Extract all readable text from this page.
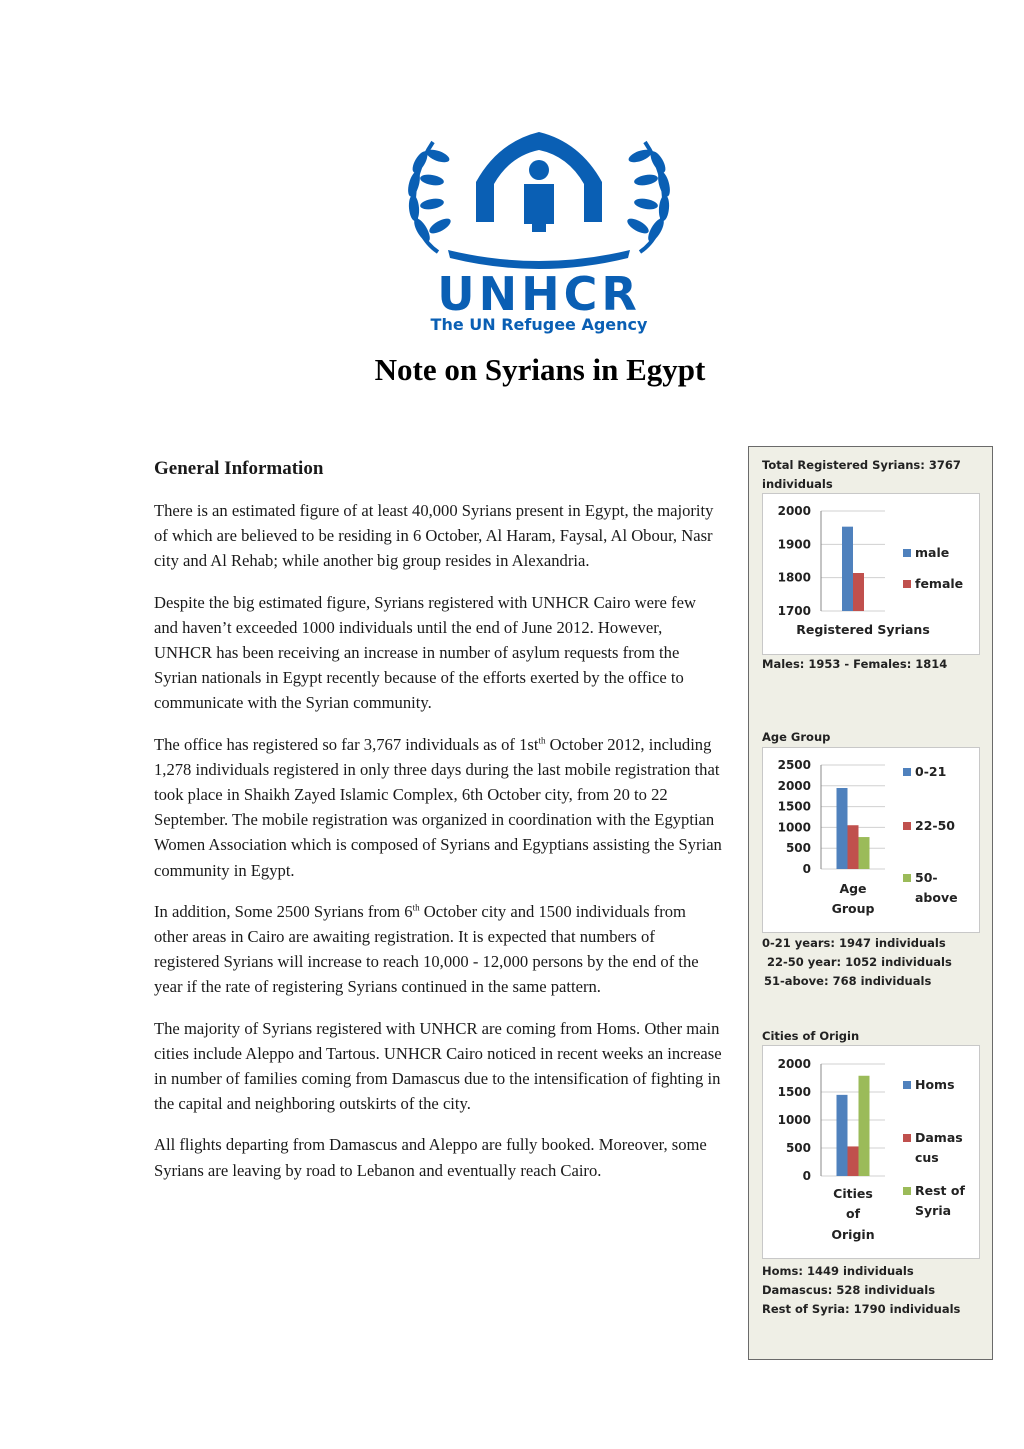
UNHCR
The UN Refugee Agency
Note on Syrians in Egypt
General Information

There is an estimated figure of at least 40,000 Syrians present in Egypt, the majority of which are believed to be residing in 6 October, Al Haram, Faysal, Al Obour, Nasr city and Al Rehab; while another big group resides in Alexandria.

Despite the big estimated figure, Syrians registered with UNHCR Cairo were few and haven’t exceeded 1000 individuals until the end of June 2012. However, UNHCR has been receiving an increase in number of asylum requests from the Syrian nationals in Egypt recently because of the efforts exerted by the office to communicate with the Syrian community.

The office has registered so far 3,767 individuals as of $1st^{th}$ October 2012, including 1,278 individuals registered in only three days during the last mobile registration that took place in Shaikh Zayed Islamic Complex, 6th October city, from 20 to 22 September. The mobile registration was organized in coordination with the Egyptian Women Association which is composed of Syrians and Egyptians assisting the Syrian community in Egypt.

In addition, Some 2500 Syrians from 6th October city and 1500 individuals from other areas in Cairo are awaiting registration. It is expected that numbers of registered Syrians will increase to reach 10,000 - 12,000 persons by the end of the year if the rate of registering Syrians continued in the same pattern.

The majority of Syrians registered with UNHCR are coming from Homs. Other main cities include Aleppo and Tartous. UNHCR Cairo noticed in recent weeks an increase in number of families coming from Damascus due to the intensification of fighting in the capital and neighboring outskirts of the city.

All flights departing from Damascus and Aleppo are fully booked. Moreover, some Syrians are leaving by road to Lebanon and eventually reach Cairo.

Total Registered Syrians: 3767
individuals
2000
1900
1800
1700
male
female
Registered Syrians
Males: 1953 - Females: 1814
Age Group
2500
2000
1500
1000
500
0
0-21
22-50
50-
above
Age
Group
0-21 years: 1947 individuals
22-50 year: 1052 individuals
51-above: 768 individuals
Cities of Origin
2000
1500
1000
500
0
Homs
Damas
cus
Rest of
Syria
Cities
of
Origin
Homs: 1449 individuals
Damascus: 528 individuals
Rest of Syria: 1790 individuals
